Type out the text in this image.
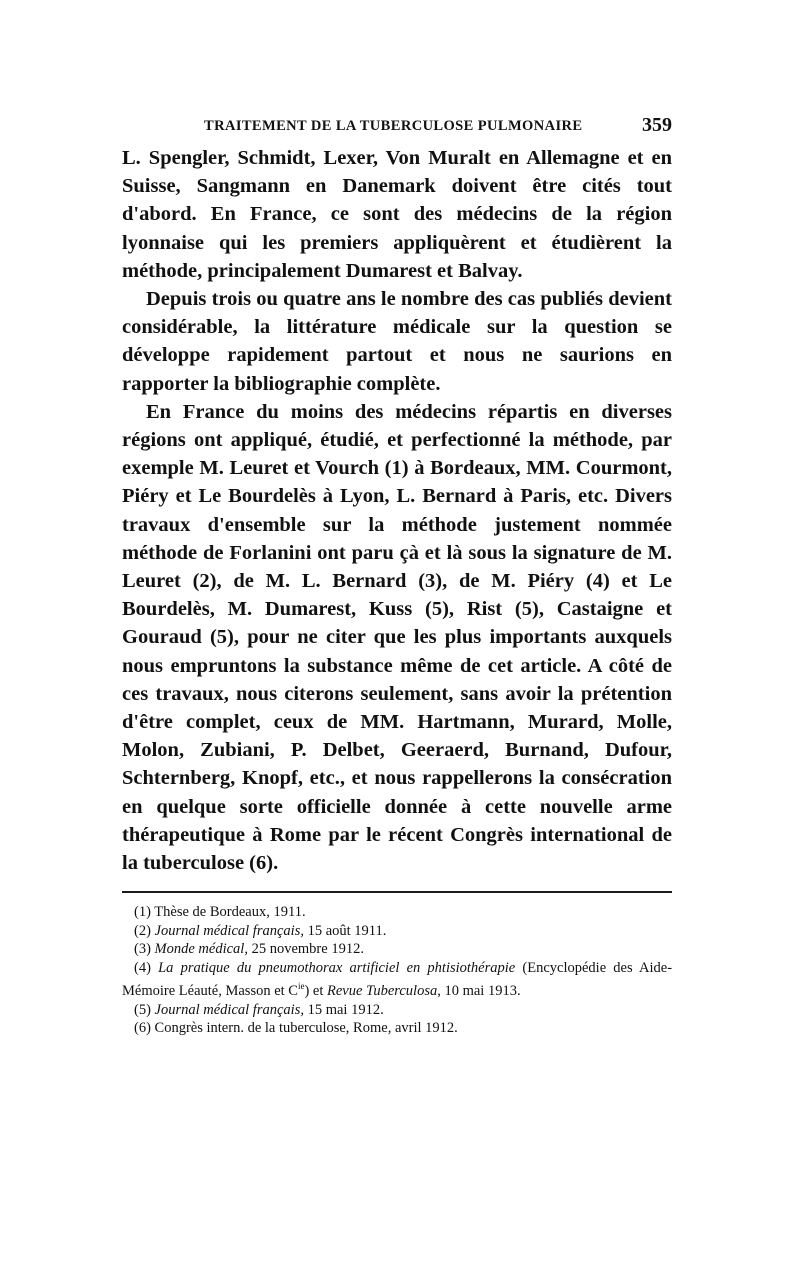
TRAITEMENT DE LA TUBERCULOSE PULMONAIRE	359

L. Spengler, Schmidt, Lexer, Von Muralt en Allemagne et en Suisse, Sangmann en Danemark doivent être cités tout d'abord. En France, ce sont des médecins de la région lyonnaise qui les premiers appliquèrent et étudièrent la méthode, principalement Dumarest et Balvay.

Depuis trois ou quatre ans le nombre des cas publiés devient considérable, la littérature médicale sur la question se développe rapidement partout et nous ne saurions en rapporter la bibliographie complète.

En France du moins des médecins répartis en diverses régions ont appliqué, étudié, et perfectionné la méthode, par exemple M. Leuret et Vourch (1) à Bordeaux, MM. Courmont, Piéry et Le Bourdelès à Lyon, L. Bernard à Paris, etc. Divers travaux d'ensemble sur la méthode justement nommée méthode de Forlanini ont paru çà et là sous la signature de M. Leuret (2), de M. L. Bernard (3), de M. Piéry (4) et Le Bourdelès, M. Dumarest, Kuss (5), Rist (5), Castaigne et Gouraud (5), pour ne citer que les plus importants auxquels nous empruntons la substance même de cet article. A côté de ces travaux, nous citerons seulement, sans avoir la prétention d'être complet, ceux de MM. Hartmann, Murard, Molle, Molon, Zubiani, P. Delbet, Geeraerd, Burnand, Dufour, Schternberg, Knopf, etc., et nous rappellerons la consécration en quelque sorte officielle donnée à cette nouvelle arme thérapeutique à Rome par le récent Congrès international de la tuberculose (6).

(1) Thèse de Bordeaux, 1911.
(2) Journal médical français, 15 août 1911.
(3) Monde médical, 25 novembre 1912.
(4) La pratique du pneumothorax artificiel en phtisiothérapie (Encyclopédie des Aide-Mémoire Léauté, Masson et $C^{ie}$) et Revue Tuberculosa, 10 mai 1913.
(5) Journal médical français, 15 mai 1912.
(6) Congrès intern. de la tuberculose, Rome, avril 1912.
